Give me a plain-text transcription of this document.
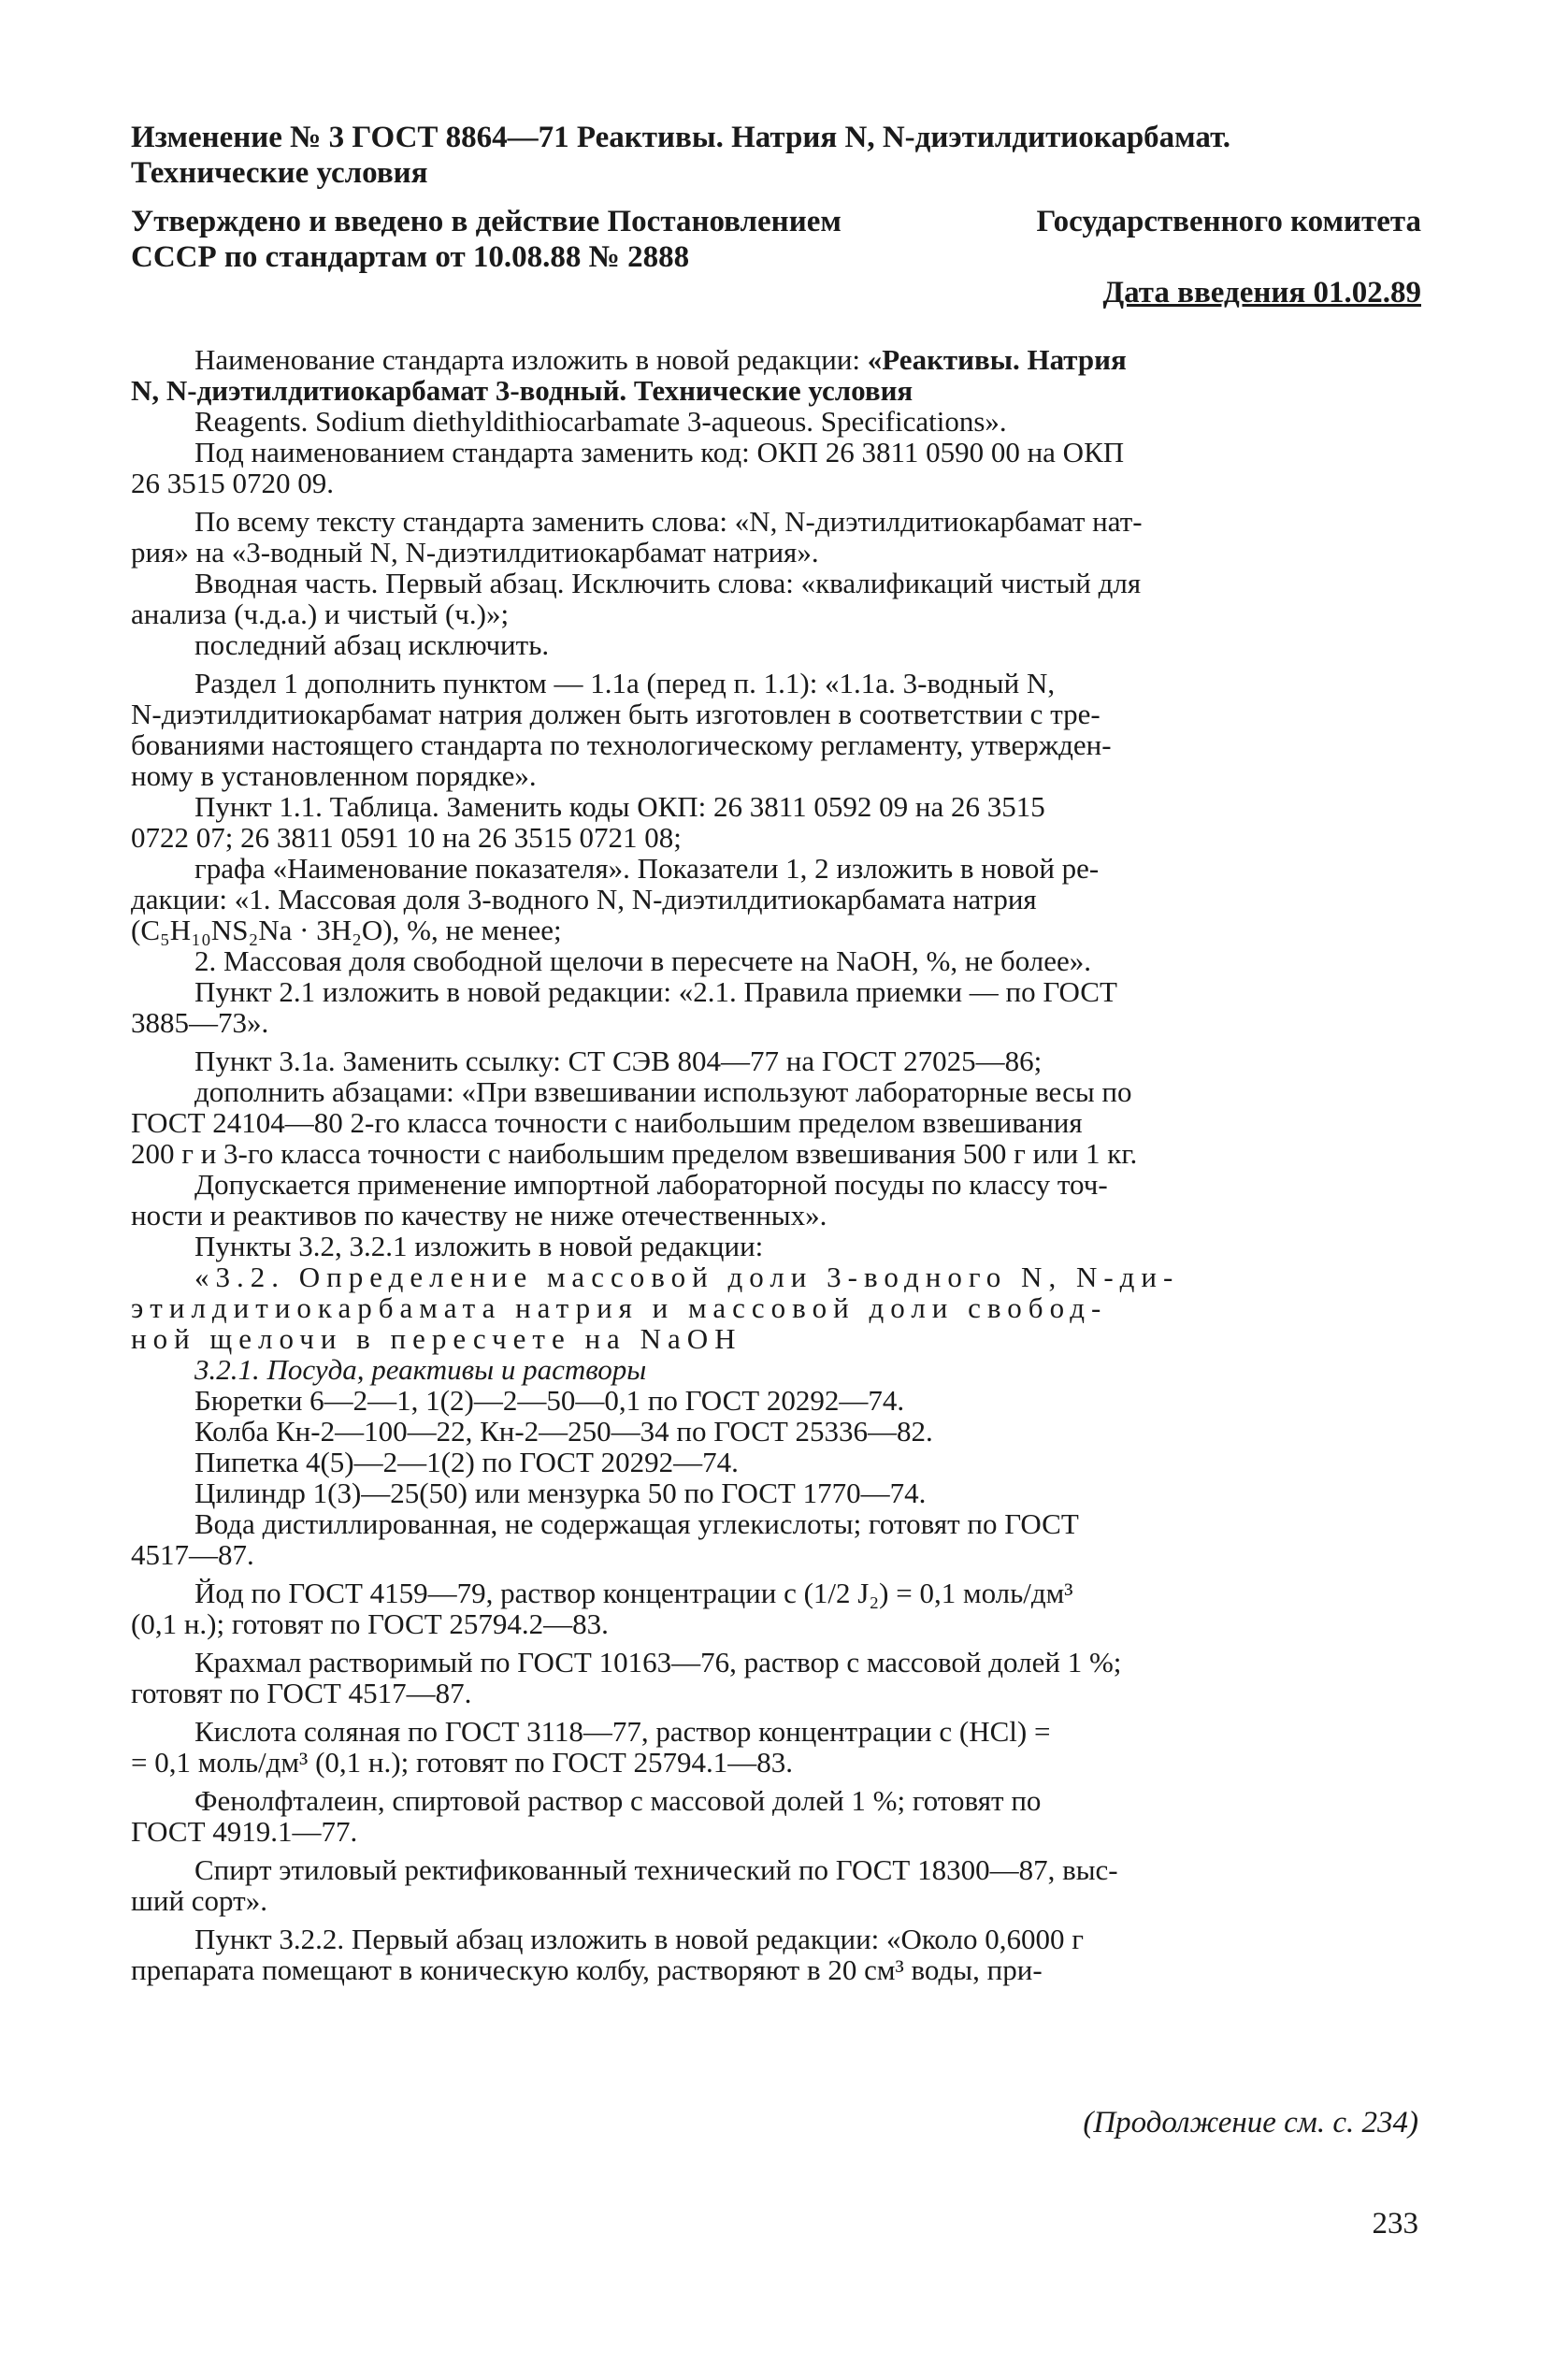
Изменение № 3 ГОСТ 8864—71 Реактивы. Натрия N, N-диэтилдитиокарбамат.

Технические условия

Утверждено и введено в действие Постановлением	Государственного комитета

СССР по стандартам от 10.08.88 № 2888

Дата введения 01.02.89

Наименование стандарта изложить в новой редакции: «Реактивы. Натрия

N, N-диэтилдитиокарбамат 3-водный. Технические условия

Reagents. Sodium diethyldithiocarbamate 3-aqueous. Specifications».

Под наименованием стандарта заменить код: ОКП 26 3811 0590 00 на ОКП

26 3515 0720 09.

По всему тексту стандарта заменить слова: «N, N-диэтилдитиокарбамат нат-

рия» на «3-водный N, N-диэтилдитиокарбамат натрия».

Вводная часть. Первый абзац. Исключить слова: «квалификаций чистый для

анализа (ч.д.а.) и чистый (ч.)»;

последний абзац исключить.

Раздел 1 дополнить пунктом — 1.1а (перед п. 1.1): «1.1а. 3-водный N,

N-диэтилдитиокарбамат натрия должен быть изготовлен в соответствии с тре-

бованиями настоящего стандарта по технологическому регламенту, утвержден-

ному в установленном порядке».

Пункт 1.1. Таблица. Заменить коды ОКП: 26 3811 0592 09 на 26 3515

0722 07; 26 3811 0591 10 на 26 3515 0721 08;

графа «Наименование показателя». Показатели 1, 2 изложить в новой ре-

дакции: «1. Массовая доля 3-водного N, N-диэтилдитиокарбамата натрия

(C₅H₁₀NS₂Na · 3H₂O), %, не менее;

2. Массовая доля свободной щелочи в пересчете на NaOH, %, не более».

Пункт 2.1 изложить в новой редакции: «2.1. Правила приемки — по ГОСТ

3885—73».

Пункт 3.1а. Заменить ссылку: СТ СЭВ 804—77 на ГОСТ 27025—86;

дополнить абзацами: «При взвешивании используют лабораторные весы по

ГОСТ 24104—80 2-го класса точности с наибольшим пределом взвешивания

200 г и 3-го класса точности с наибольшим пределом взвешивания 500 г или 1 кг.

Допускается применение импортной лабораторной посуды по классу точ-

ности и реактивов по качеству не ниже отечественных».

Пункты 3.2, 3.2.1 изложить в новой редакции:

«3.2. Определение массовой доли 3-водного N, N-ди-

этилдитиокарбамата натрия и массовой доли свобод-

ной щелочи в пересчете на NaOH

3.2.1. Посуда, реактивы и растворы

Бюретки 6—2—1, 1(2)—2—50—0,1 по ГОСТ 20292—74.

Колба Кн-2—100—22, Кн-2—250—34 по ГОСТ 25336—82.

Пипетка 4(5)—2—1(2) по ГОСТ 20292—74.

Цилиндр 1(3)—25(50) или мензурка 50 по ГОСТ 1770—74.

Вода дистиллированная, не содержащая углекислоты; готовят по ГОСТ

4517—87.

Йод по ГОСТ 4159—79, раствор концентрации c (1/2 J₂) = 0,1 моль/дм³

(0,1 н.); готовят по ГОСТ 25794.2—83.

Крахмал растворимый по ГОСТ 10163—76, раствор с массовой долей 1 %;

готовят по ГОСТ 4517—87.

Кислота соляная по ГОСТ 3118—77, раствор концентрации c (HCl) =

= 0,1 моль/дм³ (0,1 н.); готовят по ГОСТ 25794.1—83.

Фенолфталеин, спиртовой раствор с массовой долей 1 %; готовят по

ГОСТ 4919.1—77.

Спирт этиловый ректификованный технический по ГОСТ 18300—87, выс-

ший сорт».

Пункт 3.2.2. Первый абзац изложить в новой редакции: «Около 0,6000 г

препарата помещают в коническую колбу, растворяют в 20 см³ воды, при-

(Продолжение см. с. 234)
233
